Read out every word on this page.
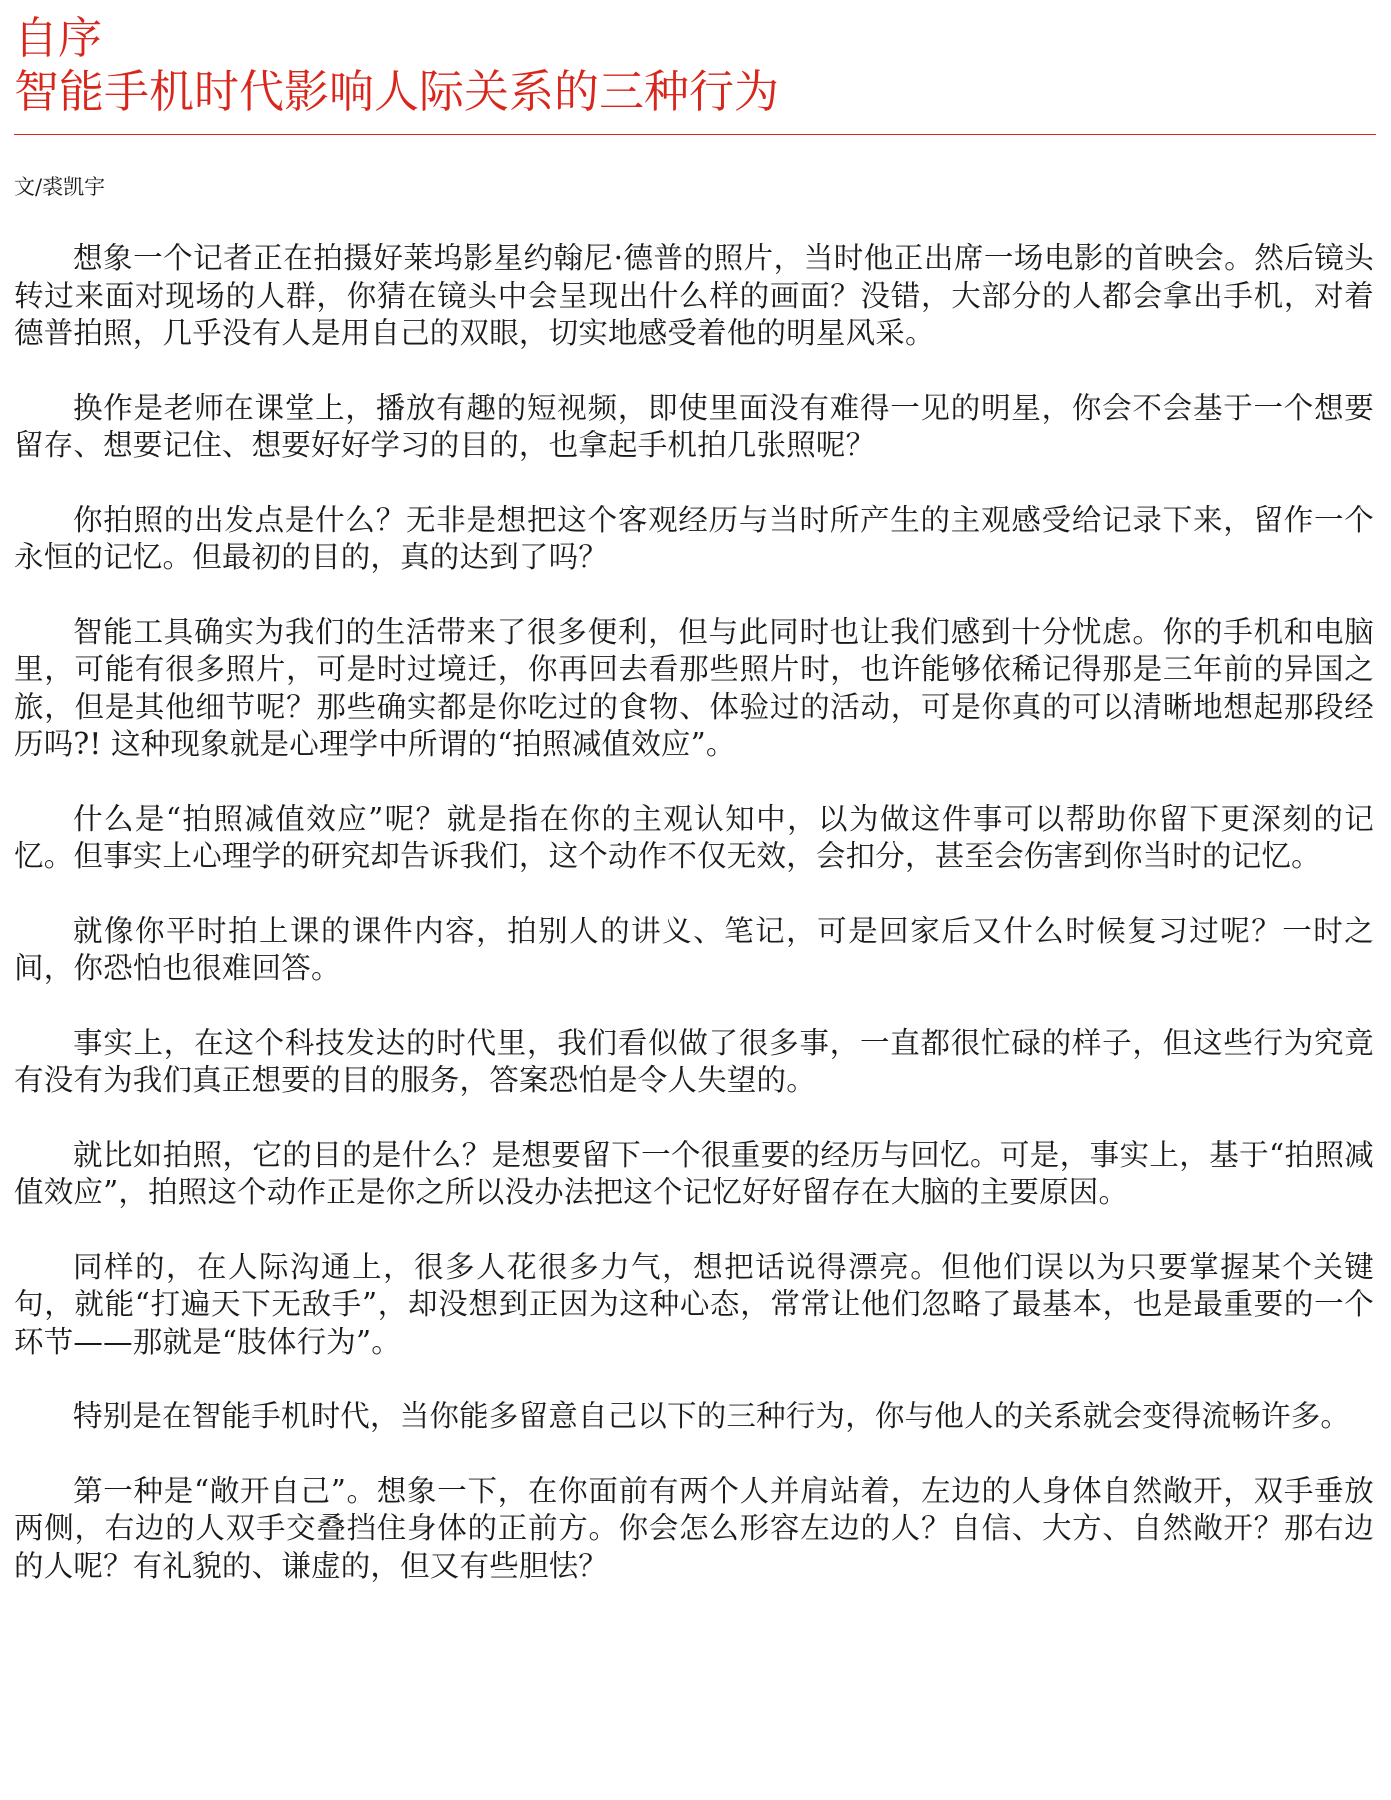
自序
智能手机时代影响人际关系的三种行为
文/裘凯宇

想象一个记者正在拍摄好莱坞影星约翰尼·德普的照片，当时他正出席一场电影的首映会。然后镜头转过来面对现场的人群，你猜在镜头中会呈现出什么样的画面？没错，大部分的人都会拿出手机，对着德普拍照，几乎没有人是用自己的双眼，切实地感受着他的明星风采。

换作是老师在课堂上，播放有趣的短视频，即使里面没有难得一见的明星，你会不会基于一个想要留存、想要记住、想要好好学习的目的，也拿起手机拍几张照呢？

你拍照的出发点是什么？无非是想把这个客观经历与当时所产生的主观感受给记录下来，留作一个永恒的记忆。但最初的目的，真的达到了吗？

智能工具确实为我们的生活带来了很多便利，但与此同时也让我们感到十分忧虑。你的手机和电脑里，可能有很多照片，可是时过境迁，你再回去看那些照片时，也许能够依稀记得那是三年前的异国之旅，但是其他细节呢？那些确实都是你吃过的食物、体验过的活动，可是你真的可以清晰地想起那段经历吗?! 这种现象就是心理学中所谓的“拍照减值效应”。

什么是“拍照减值效应”呢？就是指在你的主观认知中，以为做这件事可以帮助你留下更深刻的记忆。但事实上心理学的研究却告诉我们，这个动作不仅无效，会扣分，甚至会伤害到你当时的记忆。

就像你平时拍上课的课件内容，拍别人的讲义、笔记，可是回家后又什么时候复习过呢？一时之间，你恐怕也很难回答。

事实上，在这个科技发达的时代里，我们看似做了很多事，一直都很忙碌的样子，但这些行为究竟有没有为我们真正想要的目的服务，答案恐怕是令人失望的。

就比如拍照，它的目的是什么？是想要留下一个很重要的经历与回忆。可是，事实上，基于“拍照减值效应”，拍照这个动作正是你之所以没办法把这个记忆好好留存在大脑的主要原因。

同样的，在人际沟通上，很多人花很多力气，想把话说得漂亮。但他们误以为只要掌握某个关键句，就能“打遍天下无敌手”，却没想到正因为这种心态，常常让他们忽略了最基本，也是最重要的一个环节——那就是“肢体行为”。

特别是在智能手机时代，当你能多留意自己以下的三种行为，你与他人的关系就会变得流畅许多。

第一种是“敞开自己”。想象一下，在你面前有两个人并肩站着，左边的人身体自然敞开，双手垂放两侧，右边的人双手交叠挡住身体的正前方。你会怎么形容左边的人？自信、大方、自然敞开？那右边的人呢？有礼貌的、谦虚的，但又有些胆怯？
